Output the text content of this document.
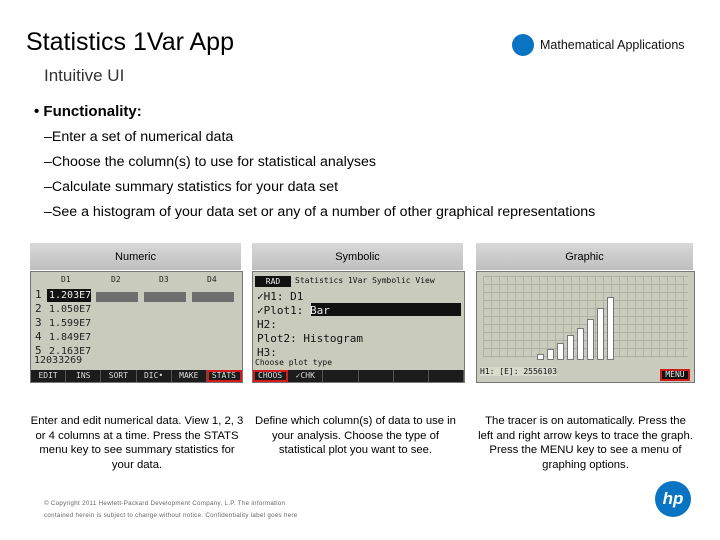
Statistics 1Var App
Intuitive UI
Mathematical Applications
• Functionality:
–Enter a set of numerical data
–Choose the column(s) to use for statistical analyses
–Calculate summary statistics for your data set
–See a histogram of your data set or any of a number of other graphical representations
Numeric
D1	D2	D3	D4
1 1.203E7
2 1.050E7
3 1.599E7
4 1.849E7
5 2.163E7
12033269
EDIT	INS	SORT	DIC•	MAKE	STATS
Symbolic
RAD	Statistics 1Var Symbolic View
✓H1: D1
✓Plot1: Bar
H2:
Plot2: Histogram
H3:
Choose plot type
CHOOS	✓CHK
Graphic
H1: [E]: 2556103	MENU
Enter and edit numerical data. View 1, 2, 3 or 4 columns at a time. Press the STATS menu key to see summary statistics for your data.
Define which column(s) of data to use in your analysis. Choose the type of statistical plot you want to see.
The tracer is on automatically. Press the left and right arrow keys to trace the graph. Press the MENU key to see a menu of graphing options.
© Copyright 2011 Hewlett-Packard Development Company, L.P. The information
contained herein is subject to change without notice. Confidentiality label goes here
hp
